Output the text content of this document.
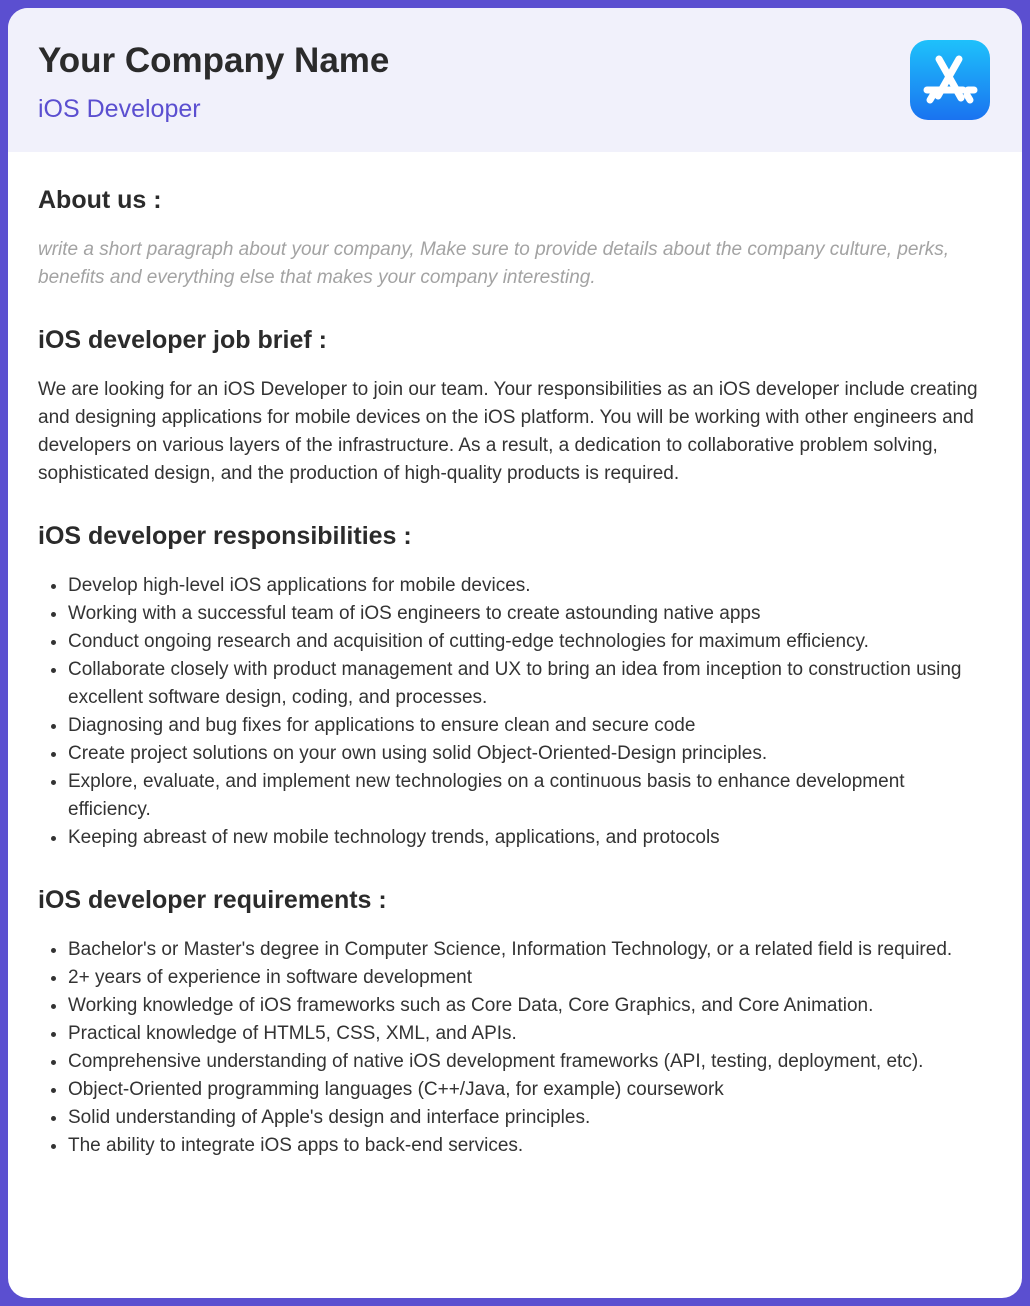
Your Company Name
iOS Developer
About us :

write a short paragraph about your company, Make sure to provide details about the company culture, perks, benefits and everything else that makes your company interesting.

iOS developer job brief :

We are looking for an iOS Developer to join our team. Your responsibilities as an iOS developer include creating and designing applications for mobile devices on the iOS platform. You will be working with other engineers and developers on various layers of the infrastructure. As a result, a dedication to collaborative problem solving, sophisticated design, and the production of high-quality products is required.

iOS developer responsibilities :
• Develop high-level iOS applications for mobile devices.
• Working with a successful team of iOS engineers to create astounding native apps
• Conduct ongoing research and acquisition of cutting-edge technologies for maximum efficiency.
• Collaborate closely with product management and UX to bring an idea from inception to construction using excellent software design, coding, and processes.
• Diagnosing and bug fixes for applications to ensure clean and secure code
• Create project solutions on your own using solid Object-Oriented-Design principles.
• Explore, evaluate, and implement new technologies on a continuous basis to enhance development efficiency.
• Keeping abreast of new mobile technology trends, applications, and protocols
iOS developer requirements :
• Bachelor's or Master's degree in Computer Science, Information Technology, or a related field is required.
• 2+ years of experience in software development
• Working knowledge of iOS frameworks such as Core Data, Core Graphics, and Core Animation.
• Practical knowledge of HTML5, CSS, XML, and APIs.
• Comprehensive understanding of native iOS development frameworks (API, testing, deployment, etc).
• Object-Oriented programming languages (C++/Java, for example) coursework
• Solid understanding of Apple's design and interface principles.
• The ability to integrate iOS apps to back-end services.
